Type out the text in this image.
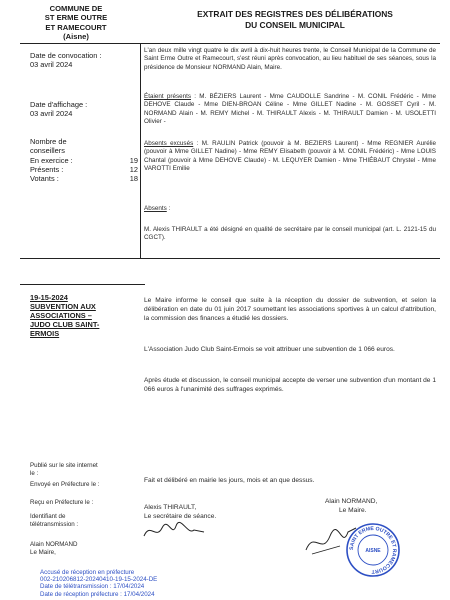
COMMUNE DE
ST ERME OUTRE
ET RAMECOURT
(Aisne)
EXTRAIT DES REGISTRES DES DÉLIBÉRATIONS
DU CONSEIL MUNICIPAL
Date de convocation :
03 avril 2024
Date d'affichage :
03 avril 2024
Nombre de
conseillers
En exercice :	19
Présents :	12
Votants :	18
L'an deux mille vingt quatre le dix avril à dix-huit heures trente, le Conseil Municipal de la Commune de Saint Erme Outre et Ramecourt, s'est réuni après convocation, au lieu habituel de ses séances, sous la présidence de Monsieur NORMAND Alain, Maire.
Étaient présents : M. BÉZIERS Laurent - Mme CAUDOLLE Sandrine - M. CONIL Frédéric - Mme DEHOVE Claude - Mme DIEN-BROAN Céline - Mme GILLET Nadine - M. GOSSET Cyril - M. NORMAND Alain - M. REMY Michel - M. THIRAULT Alexis - M. THIRAULT Damien - M. USOLETTI Olivier -
Absents excusés : M. RAULIN Patrick (pouvoir à M. BEZIERS Laurent) - Mme REGNIER Aurélie (pouvoir à Mme GILLET Nadine) - Mme REMY Elisabeth (pouvoir à M. CONIL Frédéric) - Mme LOUIS Chantal (pouvoir à Mme DEHOVE Claude) - M. LEQUYER Damien - Mme THIÉBAUT Chrystel - Mme VAROTTI Emilie
Absents :
M. Alexis THIRAULT a été désigné en qualité de secrétaire par le conseil municipal (art. L. 2121-15 du CGCT).
19-15-2024
SUBVENTION AUX
ASSOCIATIONS –
JUDO CLUB SAINT-
ERMOIS
Le Maire informe le conseil que suite à la réception du dossier de subvention, et selon la délibération en date du 01 juin 2017 soumettant les associations sportives à un calcul d'attribution, la commission des finances a étudié les dossiers.
L'Association Judo Club Saint-Ermois se voit attribuer une subvention de 1 066 euros.
Après étude et discussion, le conseil municipal accepte de verser une subvention d'un montant de 1 066 euros à l'unanimité des suffrages exprimés.
Publié sur le site internet
le :
Envoyé en Préfecture le :
Reçu en Préfecture le :
Identifiant de
télétransmission :
Alain NORMAND
Le Maire,
Fait et délibéré en mairie les jours, mois et an que dessus.
Alexis THIRAULT,
Le secrétaire de séance.
Alain NORMAND,
Le Maire.
SAINT ERME OUTRE ET RAMECOURT
AISNE
Accusé de réception en préfecture
002-210206812-20240410-19-15-2024-DE
Date de télétransmission : 17/04/2024
Date de réception préfecture : 17/04/2024
